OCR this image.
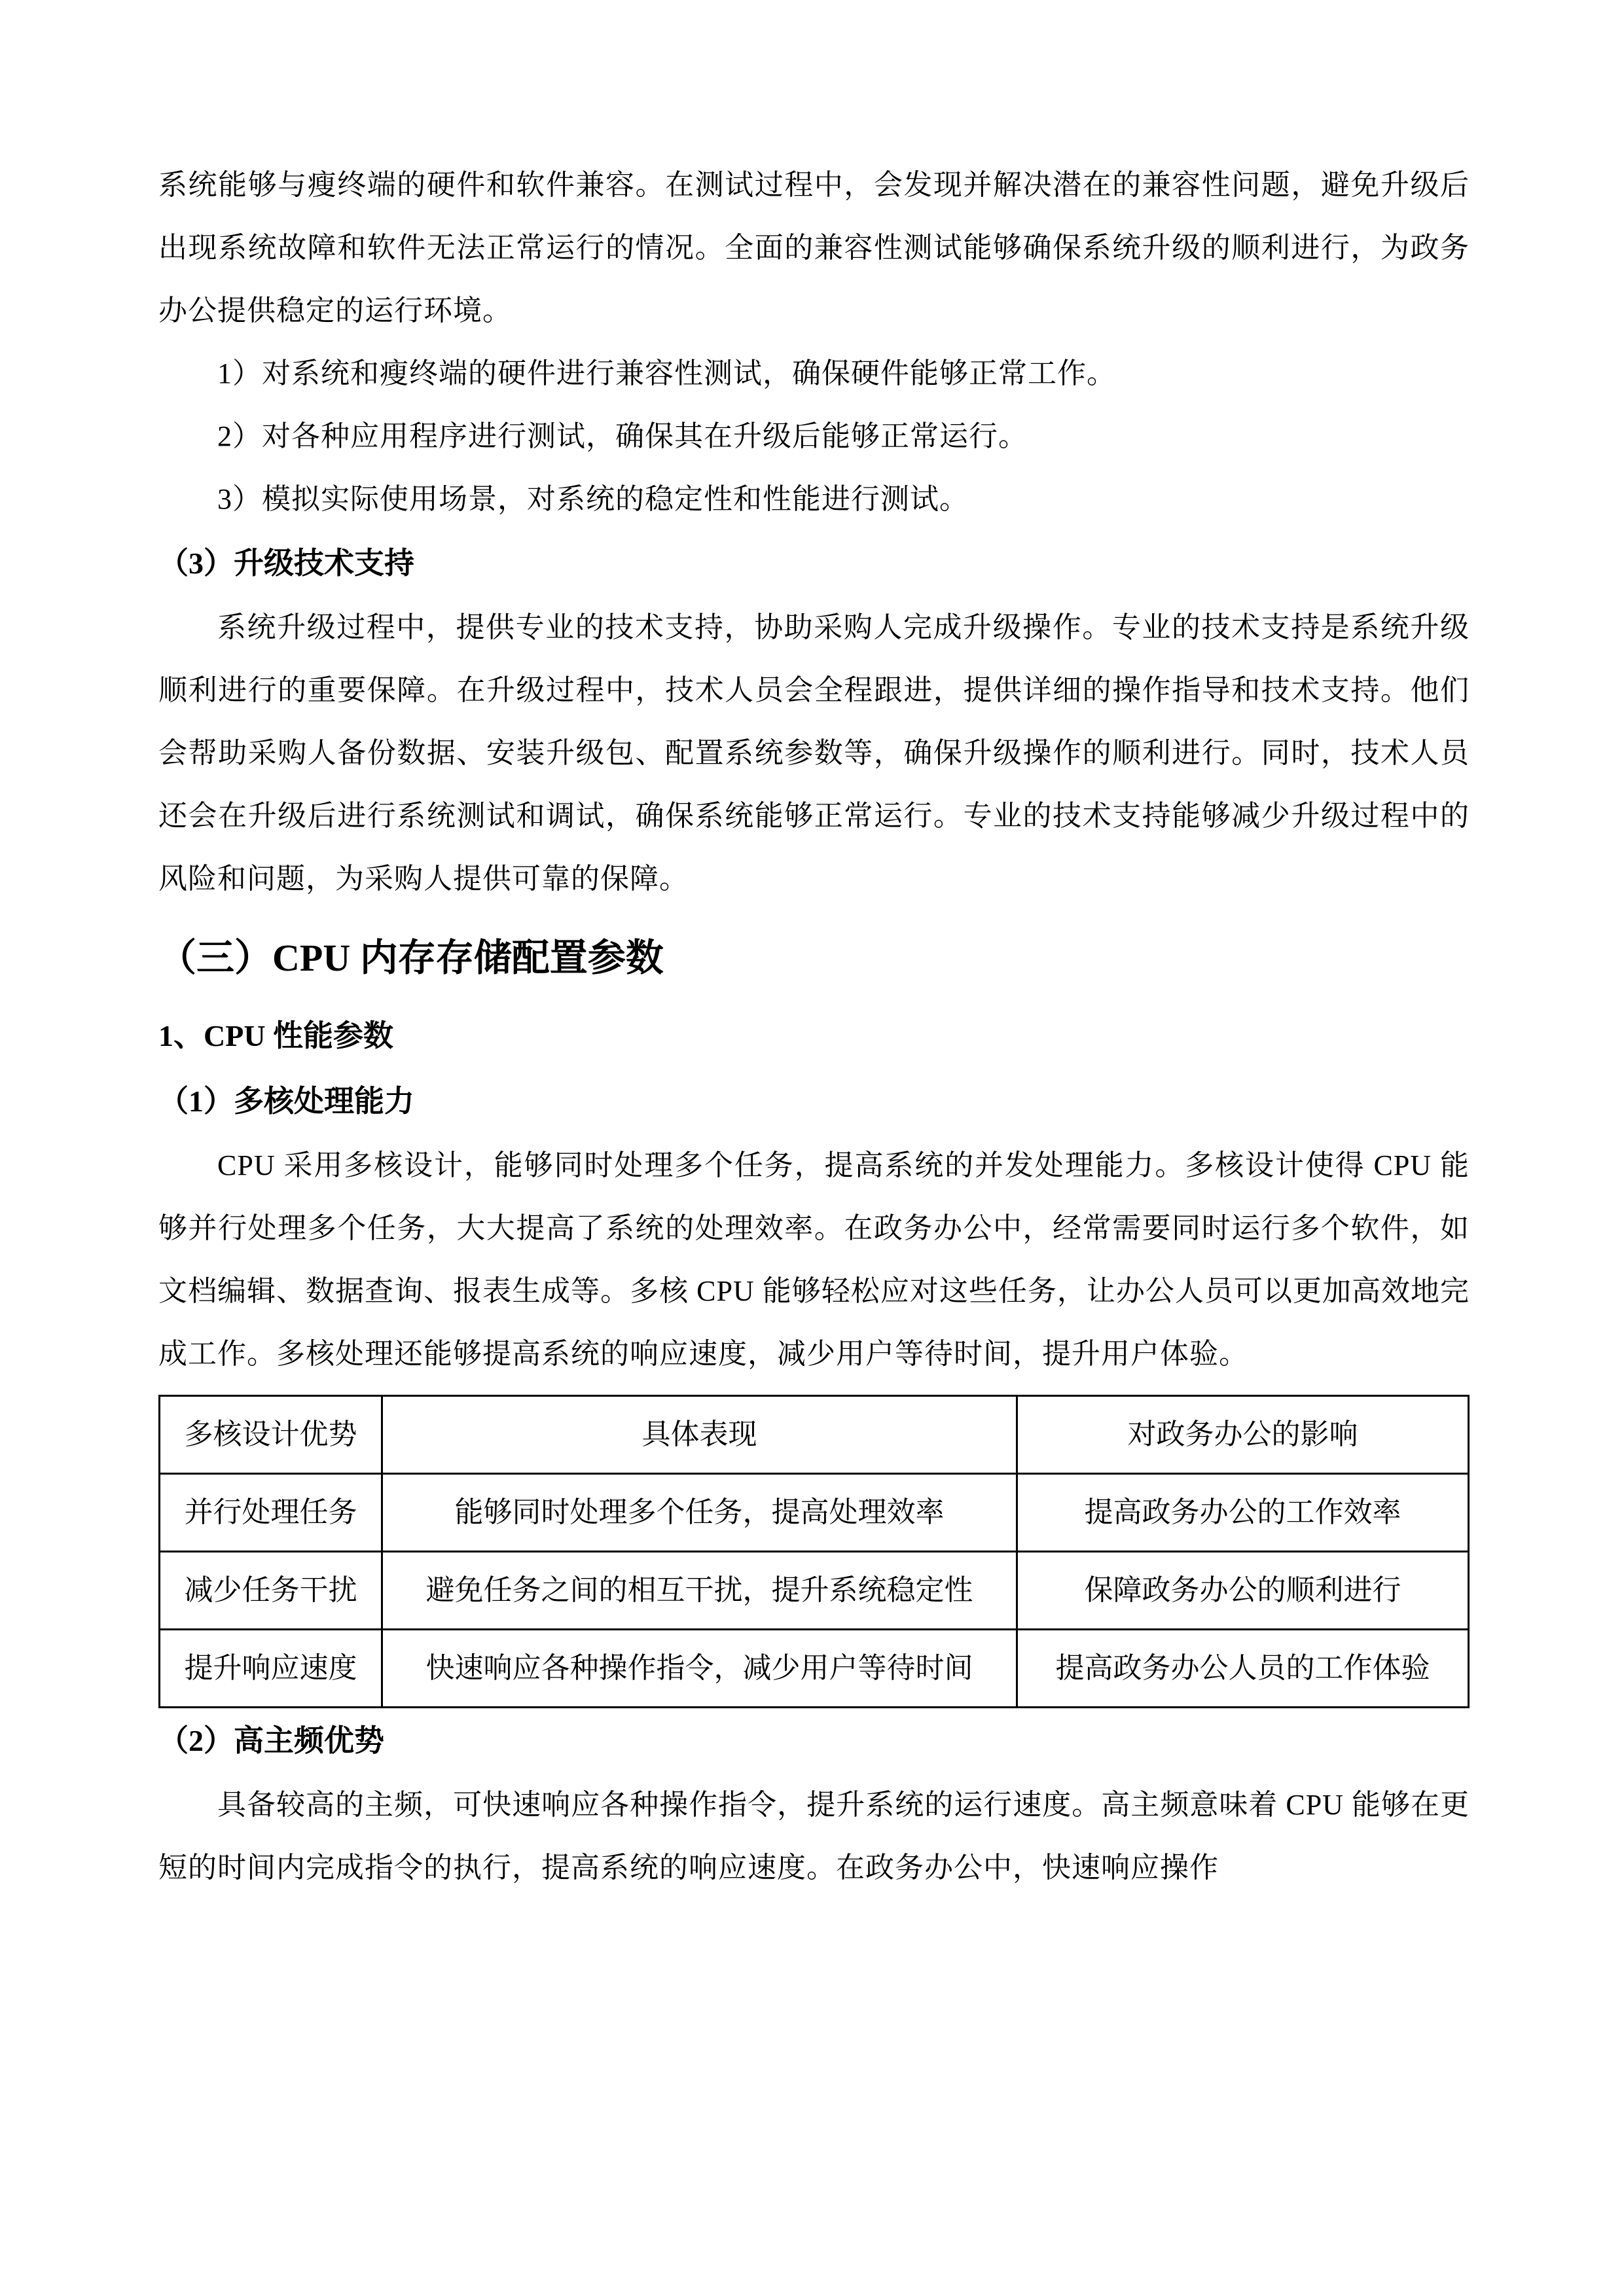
系统能够与瘦终端的硬件和软件兼容。在测试过程中，会发现并解决潜在的兼容性问题，避免升级后出现系统故障和软件无法正常运行的情况。全面的兼容性测试能够确保系统升级的顺利进行，为政务办公提供稳定的运行环境。

1）对系统和瘦终端的硬件进行兼容性测试，确保硬件能够正常工作。

2）对各种应用程序进行测试，确保其在升级后能够正常运行。

3）模拟实际使用场景，对系统的稳定性和性能进行测试。

（3）升级技术支持

系统升级过程中，提供专业的技术支持，协助采购人完成升级操作。专业的技术支持是系统升级顺利进行的重要保障。在升级过程中，技术人员会全程跟进，提供详细的操作指导和技术支持。他们会帮助采购人备份数据、安装升级包、配置系统参数等，确保升级操作的顺利进行。同时，技术人员还会在升级后进行系统测试和调试，确保系统能够正常运行。专业的技术支持能够减少升级过程中的风险和问题，为采购人提供可靠的保障。

（三）CPU 内存存储配置参数
1、CPU 性能参数
（1）多核处理能力

CPU 采用多核设计，能够同时处理多个任务，提高系统的并发处理能力。多核设计使得 CPU 能够并行处理多个任务，大大提高了系统的处理效率。在政务办公中，经常需要同时运行多个软件，如文档编辑、数据查询、报表生成等。多核 CPU 能够轻松应对这些任务，让办公人员可以更加高效地完成工作。多核处理还能够提高系统的响应速度，减少用户等待时间，提升用户体验。

多核设计优势	具体表现	对政务办公的影响
并行处理任务	能够同时处理多个任务，提高处理效率	提高政务办公的工作效率
减少任务干扰	避免任务之间的相互干扰，提升系统稳定性	保障政务办公的顺利进行
提升响应速度	快速响应各种操作指令，减少用户等待时间	提高政务办公人员的工作体验
（2）高主频优势

具备较高的主频，可快速响应各种操作指令，提升系统的运行速度。高主频意味着 CPU 能够在更短的时间内完成指令的执行，提高系统的响应速度。在政务办公中，快速响应操作
